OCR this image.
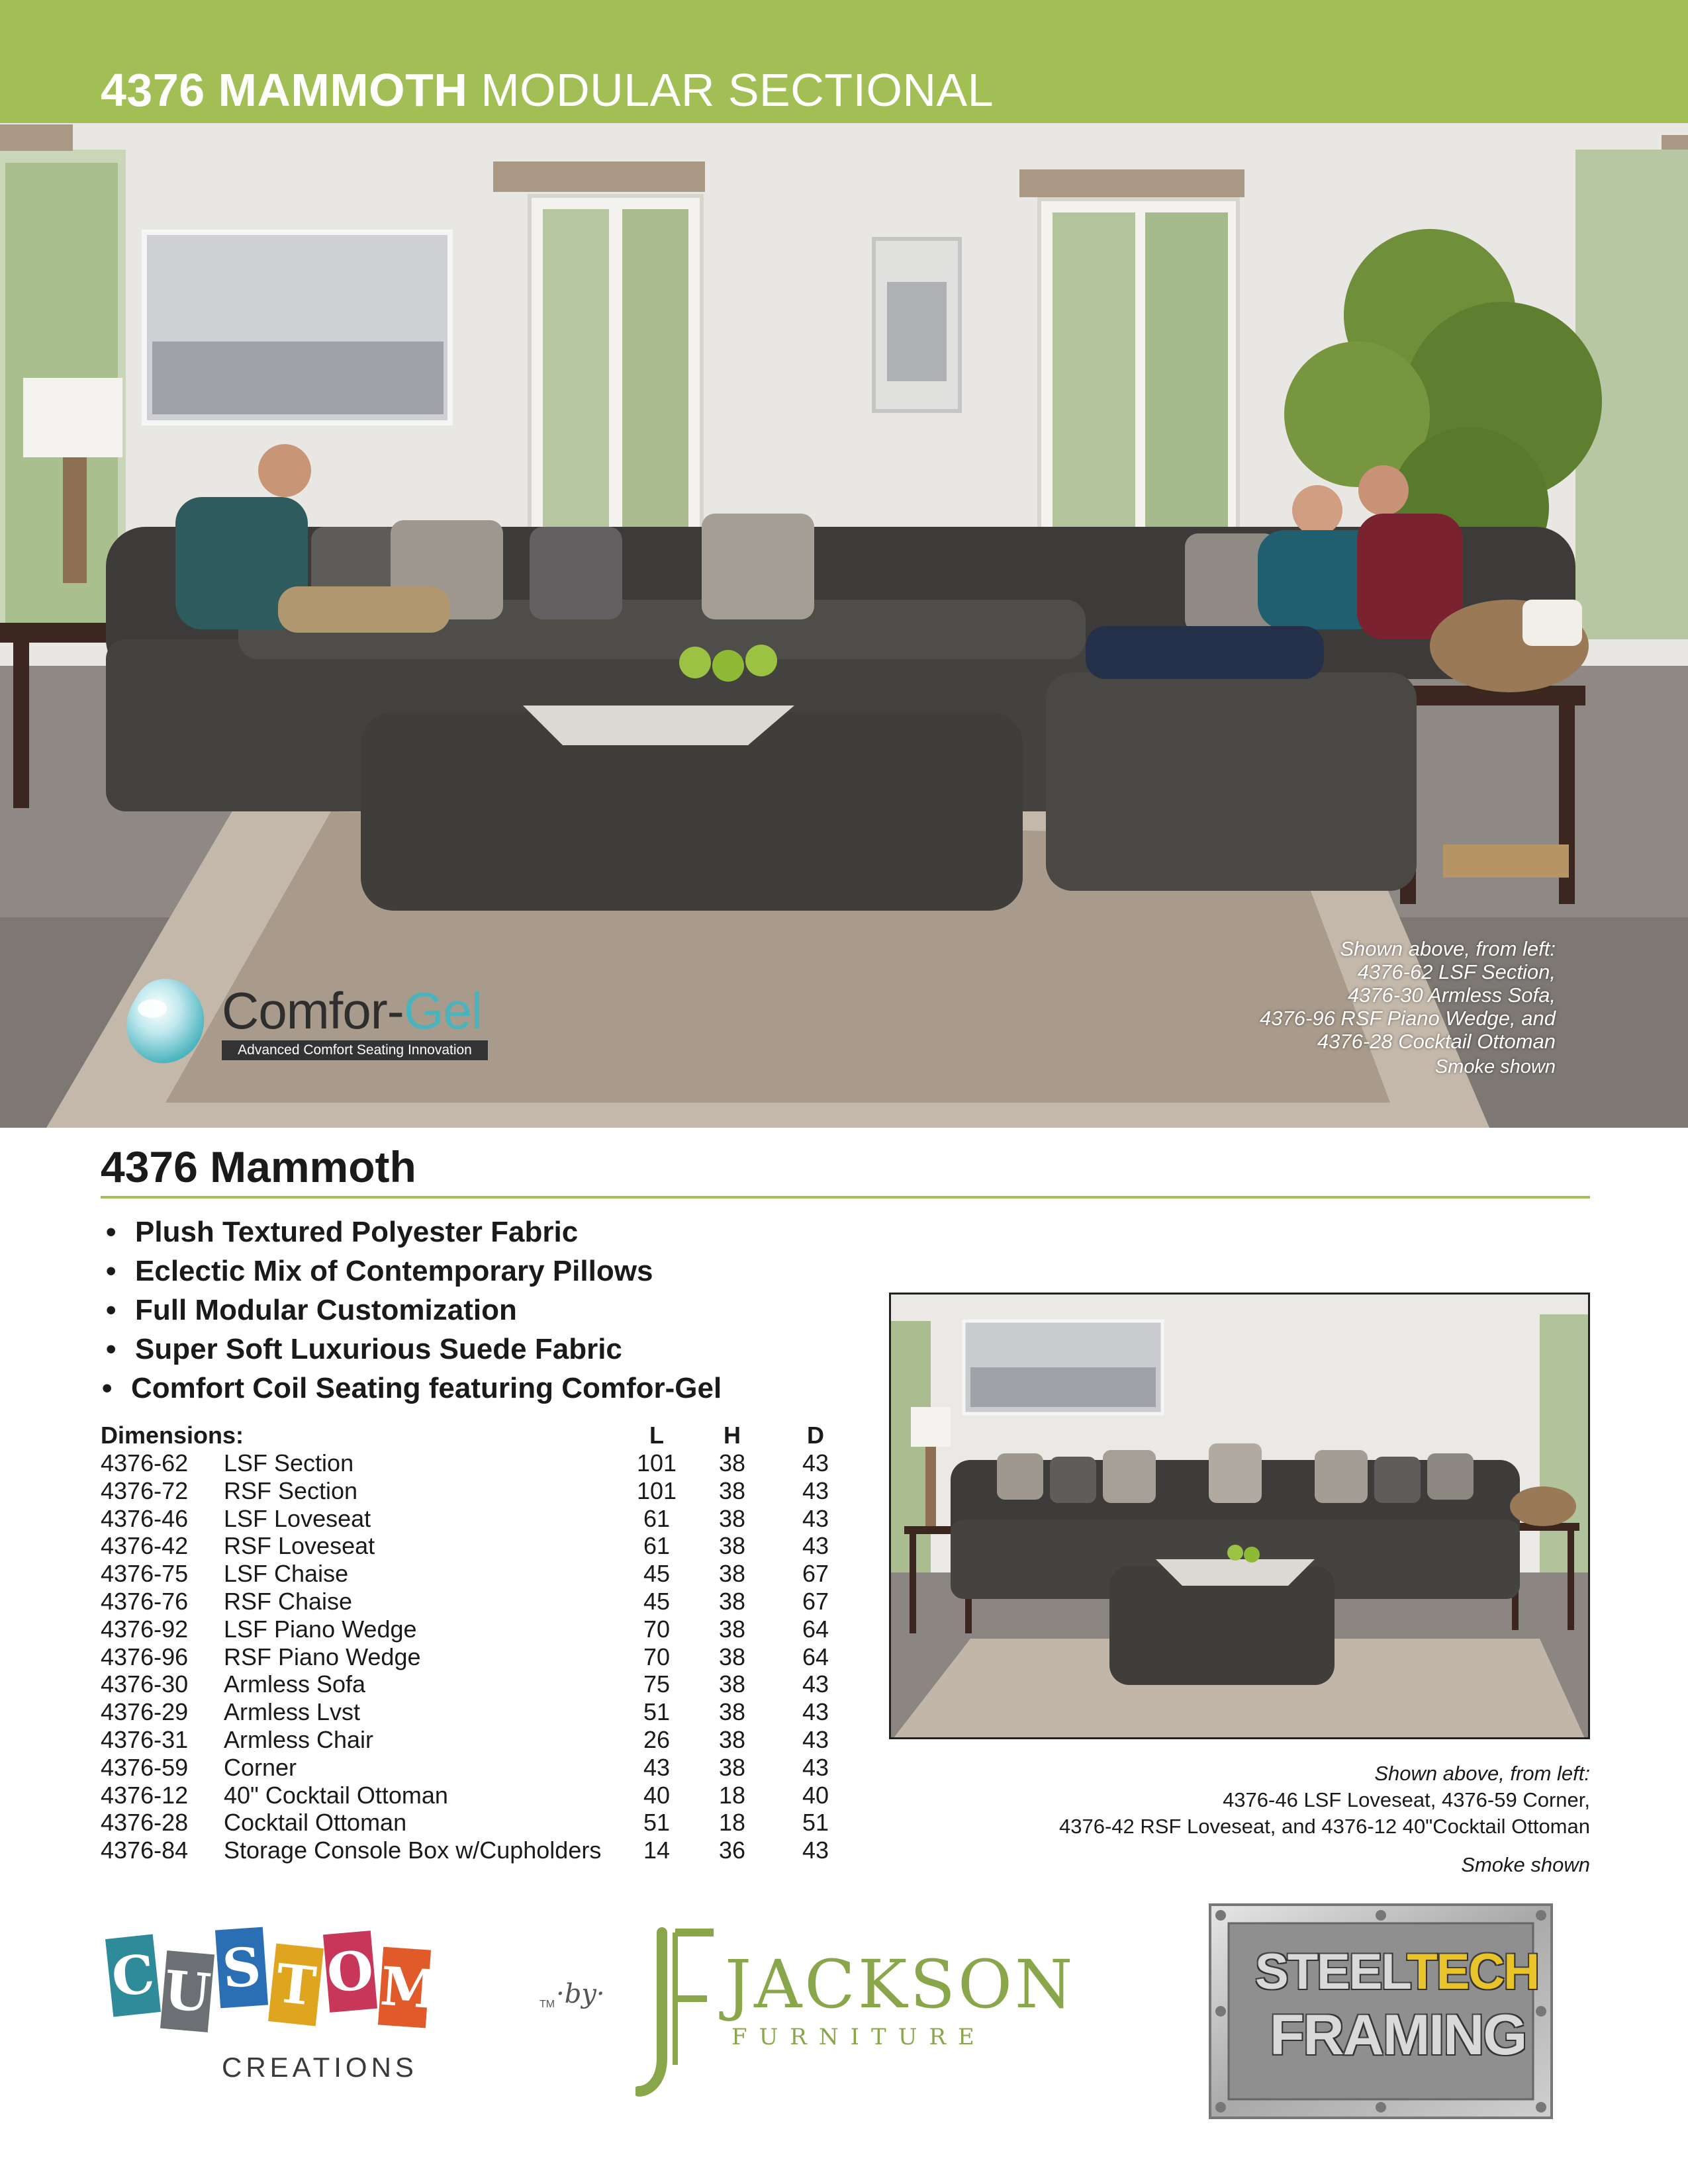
4376 MAMMOTH MODULAR SECTIONAL
Comfor-Gel
Advanced Comfort Seating Innovation
Shown above, from left:
4376-62 LSF Section,
4376-30 Armless Sofa,
4376-96 RSF Piano Wedge, and
4376-28 Cocktail Ottoman
Smoke shown
4376 Mammoth
• Plush Textured Polyester Fabric
• Eclectic Mix of Contemporary Pillows
• Full Modular Customization
• Super Soft Luxurious Suede Fabric
• Comfort Coil Seating featuring Comfor-Gel
Dimensions:	L	H	D
4376-62 LSF Section	101 38 43
4376-72 RSF Section	101 38 43
4376-46 LSF Loveseat	61 38 43
4376-42 RSF Loveseat	61 38 43
4376-75 LSF Chaise	45 38 67
4376-76 RSF Chaise	45 38 67
4376-92 LSF Piano Wedge	70 38 64
4376-96 RSF Piano Wedge	70 38 64
4376-30 Armless Sofa	75 38 43
4376-29 Armless Lvst	51 38 43
4376-31 Armless Chair	26 38 43
4376-59 Corner	43 38 43
4376-12 40" Cocktail Ottoman	40 18 40
4376-28 Cocktail Ottoman	51 18 51
4376-84 Storage Console Box w/Cupholders 14 36 43
Shown above, from left:
4376-46 LSF Loveseat, 4376-59 Corner,
4376-42 RSF Loveseat, and 4376-12 40"Cocktail Ottoman
Smoke shown
C U S T O M	TM ·by·
CREATIONS
JACKSON
FURNITURE
STEELTECH
FRAMING
